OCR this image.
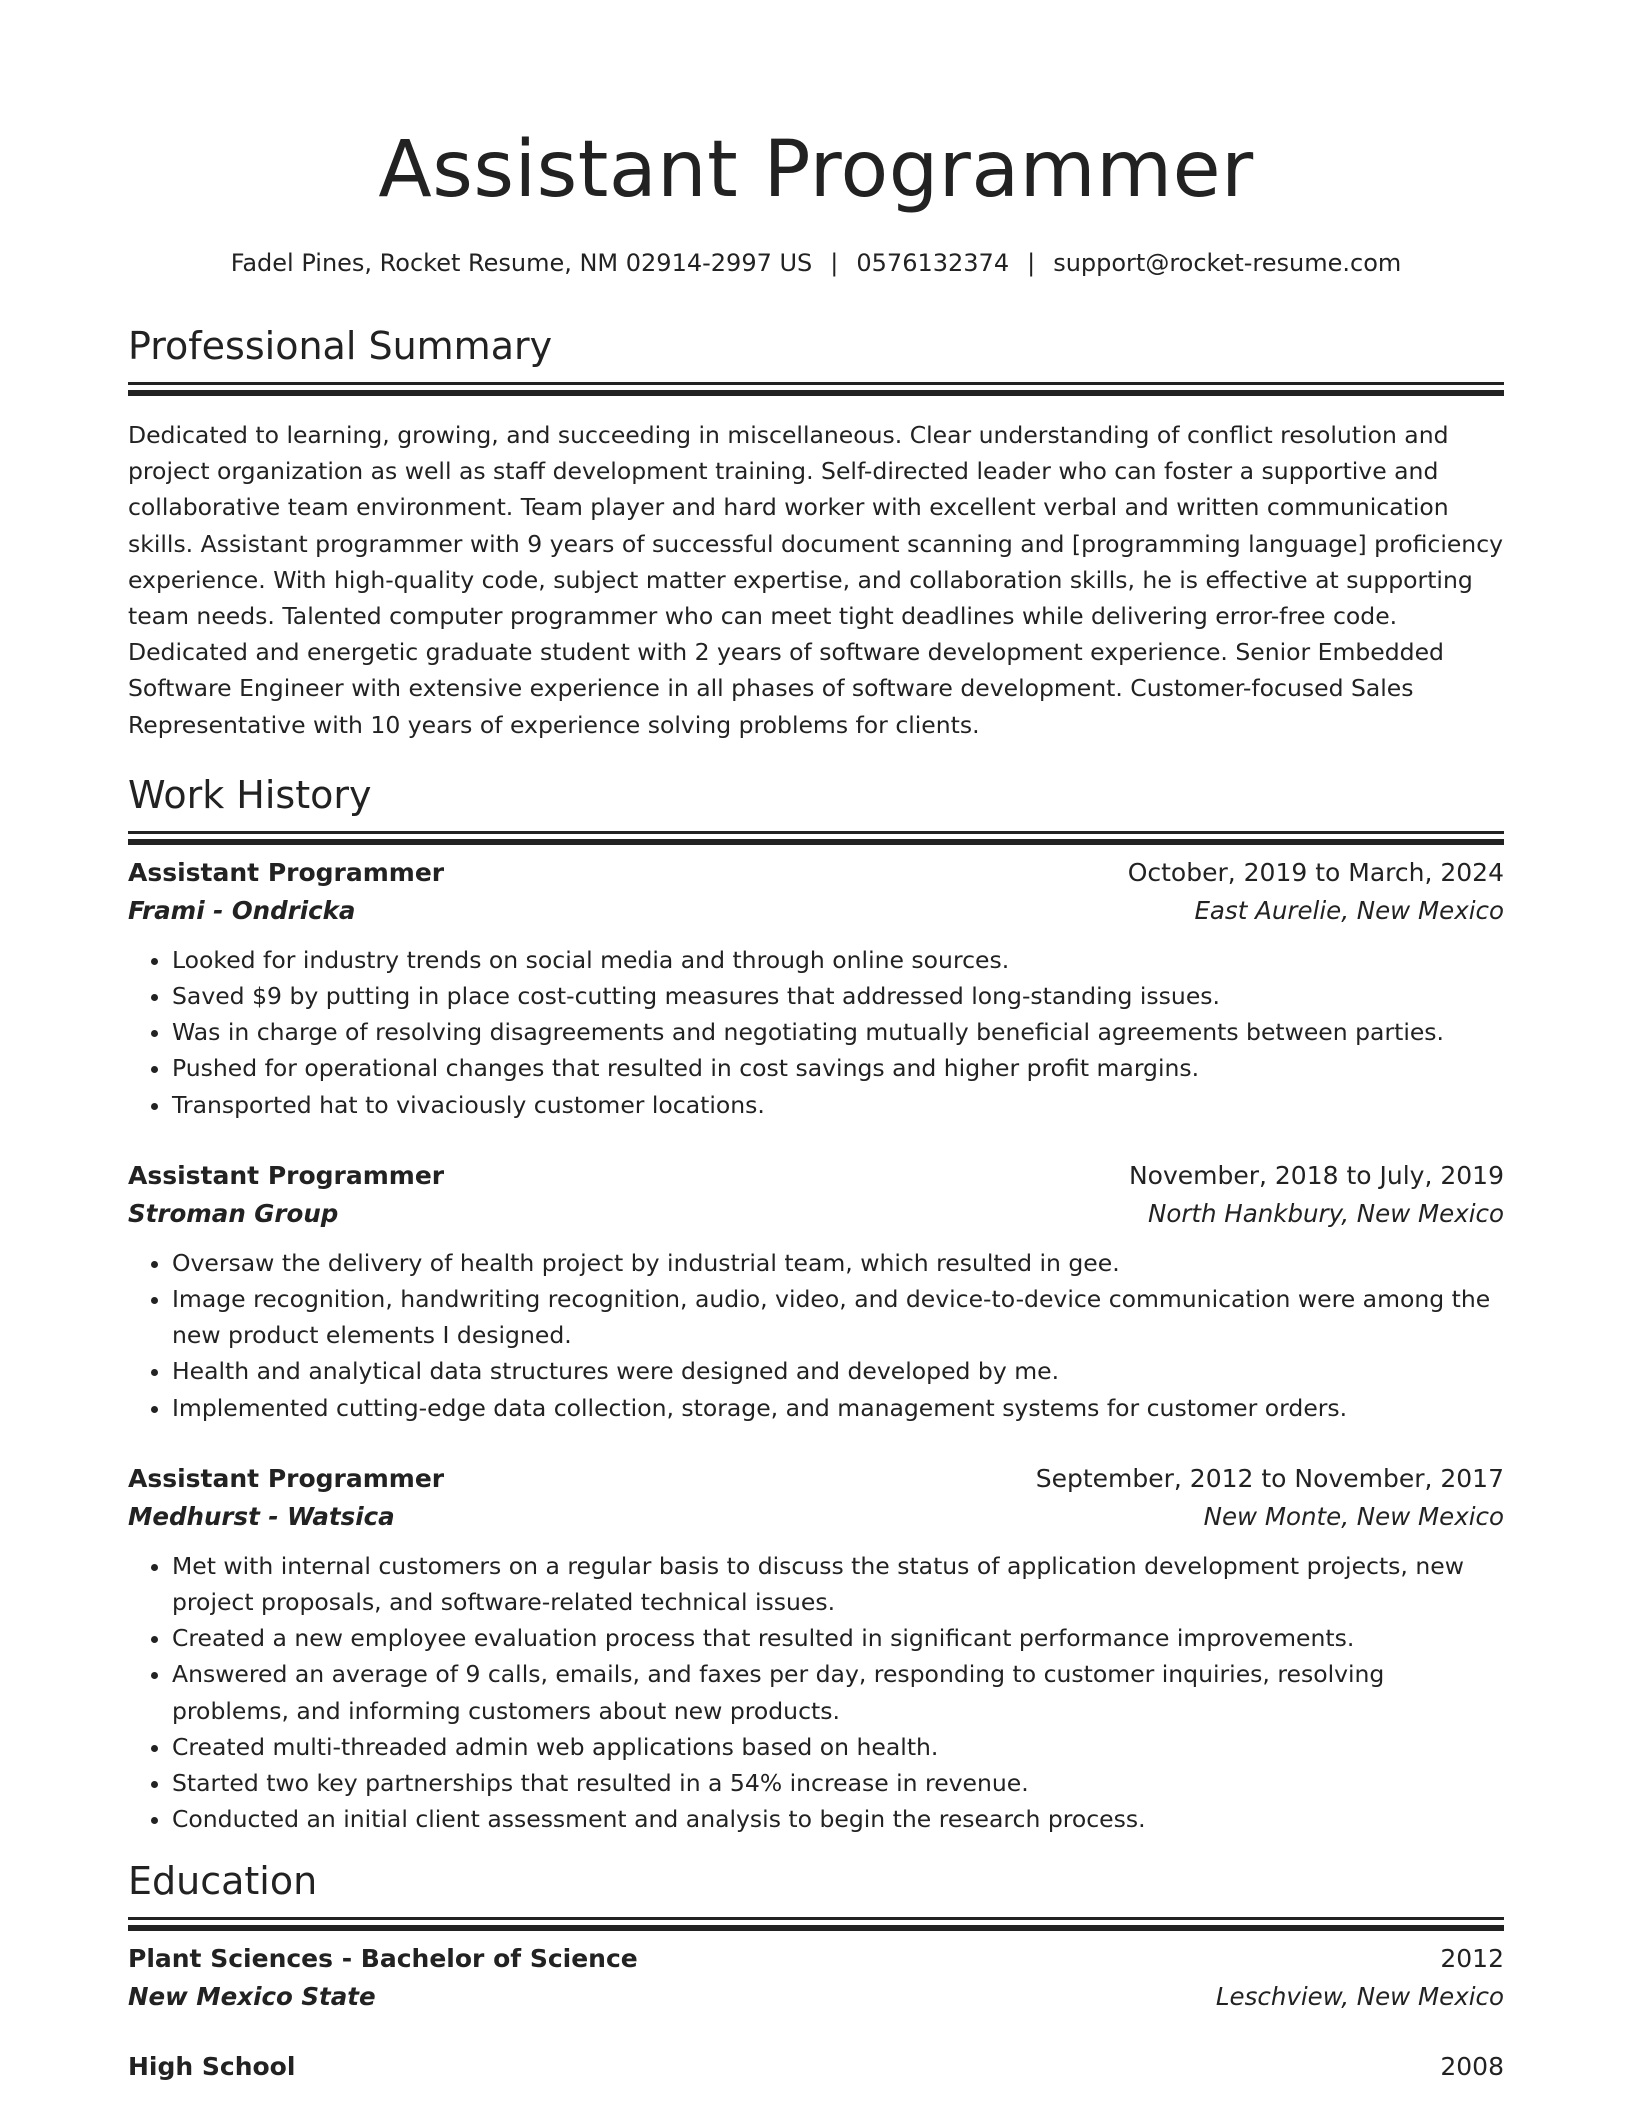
Assistant Programmer
Fadel Pines, Rocket Resume, NM 02914-2997 US | 0576132374 | support@rocket-resume.com
Professional Summary

Dedicated to learning, growing, and succeeding in miscellaneous. Clear understanding of conflict resolution and project organization as well as staff development training. Self-directed leader who can foster a supportive and collaborative team environment. Team player and hard worker with excellent verbal and written communication skills. Assistant programmer with 9 years of successful document scanning and [programming language] proficiency experience. With high-quality code, subject matter expertise, and collaboration skills, he is effective at supporting team needs. Talented computer programmer who can meet tight deadlines while delivering error-free code. Dedicated and energetic graduate student with 2 years of software development experience. Senior Embedded Software Engineer with extensive experience in all phases of software development. Customer-focused Sales Representative with 10 years of experience solving problems for clients.

Work History
Assistant Programmer	October, 2019 to March, 2024
Frami - Ondricka	East Aurelie, New Mexico
• Looked for industry trends on social media and through online sources.
• Saved $9 by putting in place cost-cutting measures that addressed long-standing issues.
• Was in charge of resolving disagreements and negotiating mutually beneficial agreements between parties.
• Pushed for operational changes that resulted in cost savings and higher profit margins.
• Transported hat to vivaciously customer locations.
Assistant Programmer	November, 2018 to July, 2019
Stroman Group	North Hankbury, New Mexico
• Oversaw the delivery of health project by industrial team, which resulted in gee.
• Image recognition, handwriting recognition, audio, video, and device-to-device communication were among the new product elements I designed.
• Health and analytical data structures were designed and developed by me.
• Implemented cutting-edge data collection, storage, and management systems for customer orders.
Assistant Programmer	September, 2012 to November, 2017
Medhurst - Watsica	New Monte, New Mexico
• Met with internal customers on a regular basis to discuss the status of application development projects, new project proposals, and software-related technical issues.
• Created a new employee evaluation process that resulted in significant performance improvements.
• Answered an average of 9 calls, emails, and faxes per day, responding to customer inquiries, resolving problems, and informing customers about new products.
• Created multi-threaded admin web applications based on health.
• Started two key partnerships that resulted in a 54% increase in revenue.
• Conducted an initial client assessment and analysis to begin the research process.
Education
Plant Sciences - Bachelor of Science	2012
New Mexico State	Leschview, New Mexico
High School	2008
